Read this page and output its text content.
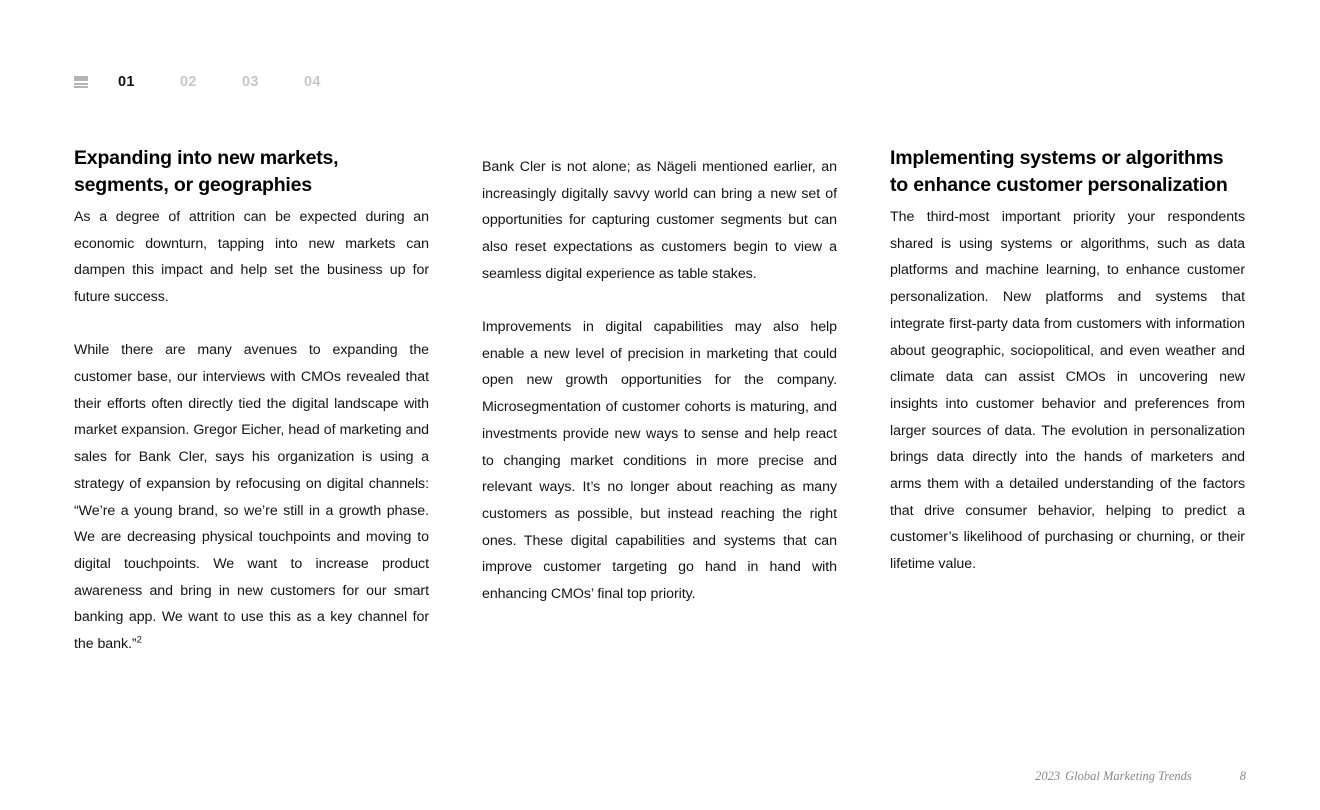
01	02	03	04
Expanding into new markets, segments, or geographies

As a degree of attrition can be expected during an economic downturn, tapping into new markets can dampen this impact and help set the business up for future success.

While there are many avenues to expanding the customer base, our interviews with CMOs revealed that their efforts often directly tied the digital landscape with market expansion. Gregor Eicher, head of marketing and sales for Bank Cler, says his organization is using a strategy of expansion by refocusing on digital channels: “We’re a young brand, so we’re still in a growth phase. We are decreasing physical touchpoints and moving to digital touchpoints. We want to increase product awareness and bring in new customers for our smart banking app. We want to use this as a key channel for the bank.”$^2$

Bank Cler is not alone; as Nägeli mentioned earlier, an increasingly digitally savvy world can bring a new set of opportunities for capturing customer segments but can also reset expectations as customers begin to view a seamless digital experience as table stakes.

Improvements in digital capabilities may also help enable a new level of precision in marketing that could open new growth opportunities for the company. Microsegmentation of customer cohorts is maturing, and investments provide new ways to sense and help react to changing market conditions in more precise and relevant ways. It’s no longer about reaching as many customers as possible, but instead reaching the right ones. These digital capabilities and systems that can improve customer targeting go hand in hand with enhancing CMOs’ final top priority.

Implementing systems or algorithms to enhance customer personalization

The third-most important priority your respondents shared is using systems or algorithms, such as data platforms and machine learning, to enhance customer personalization. New platforms and systems that integrate first-party data from customers with information about geographic, sociopolitical, and even weather and climate data can assist CMOs in uncovering new insights into customer behavior and preferences from larger sources of data. The evolution in personalization brings data directly into the hands of marketers and arms them with a detailed understanding of the factors that drive consumer behavior, helping to predict a customer’s likelihood of purchasing or churning, or their lifetime value.

2023 Global Marketing Trends	8
